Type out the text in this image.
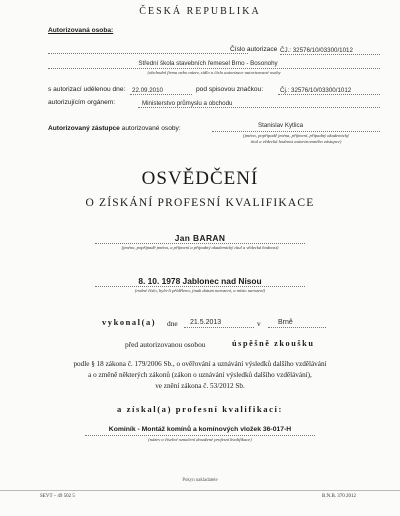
ČESKÁ REPUBLIKA
Autorizovaná osoba:
Číslo autorizace ČJ.: 32576/10/03300/1012
Střední škola stavebních řemesel Brno - Bosonohy
(obchodní firma nebo název, sídlo a číslo autorizace autorizované osoby
s autorizací udělenou dne: 22.09.2010	pod spisovou značkou:	Čj.: 32576/10/03300/1012
autorizujícím orgánem:	Ministerstvo průmyslu a obchodu
Autorizovaný zástupce autorizované osoby:	Stanislav Kytlica
(jméno, popřípadě jména, příjmení, případný akademický
titul a vědecká hodnost autorizovaného zástupce)
OSVĚDČENÍ
O ZÍSKÁNÍ PROFESNÍ KVALIFIKACE
Jan BARAN
(jméno, popřípadě jména, a příjmení a případný akademický titul a vědecká hodnost)
8. 10. 1978 Jablonec nad Nisou
(rodné číslo, bylo-li přiděleno, jinak datum narození, a místo narození)
vykonal(a) dne 21.5.2013	v Brně
před autorizovanou osobou	úspěšně zkoušku
podle § 18 zákona č. 179/2006 Sb., o ověřování a uznávání výsledků dalšího vzdělávání
a o změně některých zákonů (zákon o uznávání výsledků dalšího vzdělávání),
ve znění zákona č. 53/2012 Sb.
a získal(a) profesní kvalifikaci:
Kominík - Montáž komínů a komínových vložek 36-017-H
(název a číselné označení dosažené profesní kvalifikace)
Pokyn nakladatele
SEVT – 49 502 5	B.N.B. 370 2012
